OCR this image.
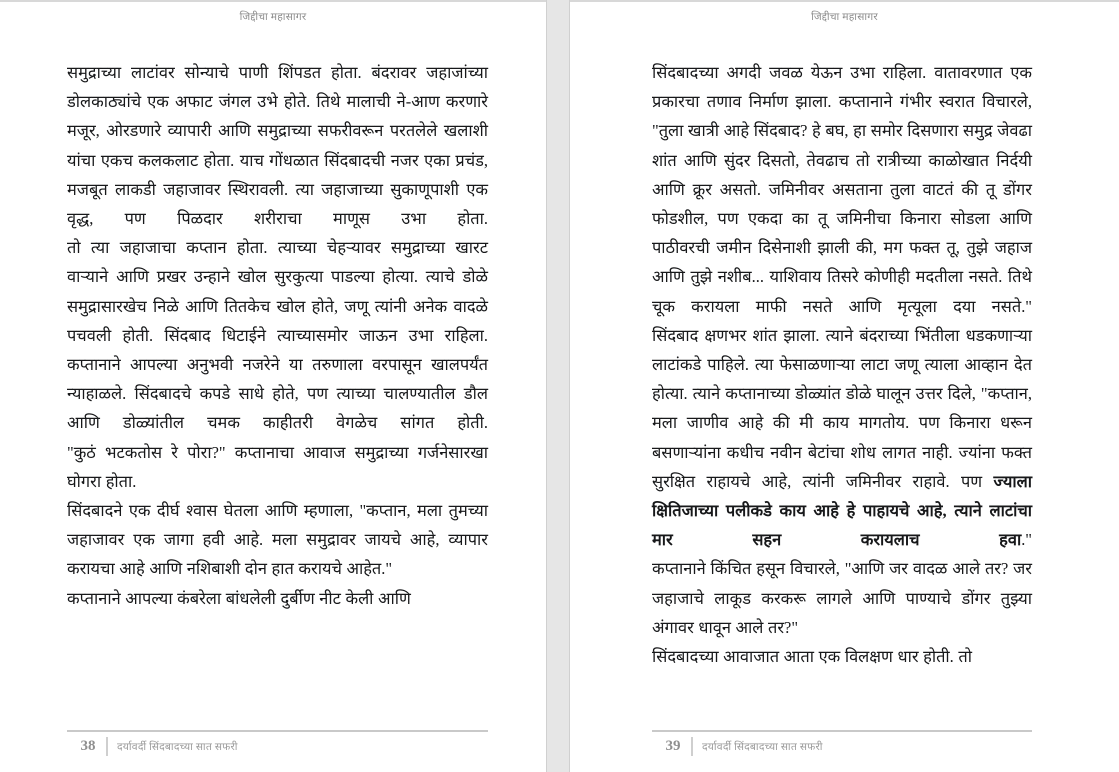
जिद्दीचा महासागर

समुद्राच्या लाटांवर सोन्याचे पाणी शिंपडत होता. बंदरावर जहाजांच्या डोलकाठ्यांचे एक अफाट जंगल उभे होते. तिथे मालाची ने-आण करणारे मजूर, ओरडणारे व्यापारी आणि समुद्राच्या सफरीवरून परतलेले खलाशी यांचा एकच कलकलाट होता. याच गोंधळात सिंदबादची नजर एका प्रचंड, मजबूत लाकडी जहाजावर स्थिरावली. त्या जहाजाच्या सुकाणूपाशी एक वृद्ध, पण पिळदार शरीराचा माणूस उभा होता.

तो त्या जहाजाचा कप्तान होता. त्याच्या चेहऱ्यावर समुद्राच्या खारट वाऱ्याने आणि प्रखर उन्हाने खोल सुरकुत्या पाडल्या होत्या. त्याचे डोळे समुद्रासारखेच निळे आणि तितकेच खोल होते, जणू त्यांनी अनेक वादळे पचवली होती. सिंदबाद धिटाईने त्याच्यासमोर जाऊन उभा राहिला. कप्तानाने आपल्या अनुभवी नजरेने या तरुणाला वरपासून खालपर्यंत न्याहाळले. सिंदबादचे कपडे साधे होते, पण त्याच्या चालण्यातील डौल आणि डोळ्यांतील चमक काहीतरी वेगळेच सांगत होती.

"कुठं भटकतोस रे पोरा?" कप्तानाचा आवाज समुद्राच्या गर्जनेसारखा घोगरा होता.

सिंदबादने एक दीर्घ श्वास घेतला आणि म्हणाला, "कप्तान, मला तुमच्या जहाजावर एक जागा हवी आहे. मला समुद्रावर जायचे आहे, व्यापार करायचा आहे आणि नशिबाशी दोन हात करायचे आहेत."

कप्तानाने आपल्या कंबरेला बांधलेली दुर्बीण नीट केली आणि

38	दर्यावर्दी सिंदबादच्या सात सफरी
जिद्दीचा महासागर

सिंदबादच्या अगदी जवळ येऊन उभा राहिला. वातावरणात एक प्रकारचा तणाव निर्माण झाला. कप्तानाने गंभीर स्वरात विचारले, "तुला खात्री आहे सिंदबाद? हे बघ, हा समोर दिसणारा समुद्र जेवढा शांत आणि सुंदर दिसतो, तेवढाच तो रात्रीच्या काळोखात निर्दयी आणि क्रूर असतो. जमिनीवर असताना तुला वाटतं की तू डोंगर फोडशील, पण एकदा का तू जमिनीचा किनारा सोडला आणि पाठीवरची जमीन दिसेनाशी झाली की, मग फक्त तू, तुझे जहाज आणि तुझे नशीब... याशिवाय तिसरे कोणीही मदतीला नसते. तिथे चूक करायला माफी नसते आणि मृत्यूला दया नसते."

सिंदबाद क्षणभर शांत झाला. त्याने बंदराच्या भिंतीला धडकणाऱ्या लाटांकडे पाहिले. त्या फेसाळणाऱ्या लाटा जणू त्याला आव्हान देत होत्या. त्याने कप्तानाच्या डोळ्यांत डोळे घालून उत्तर दिले, "कप्तान, मला जाणीव आहे की मी काय मागतोय. पण किनारा धरून बसणाऱ्यांना कधीच नवीन बेटांचा शोध लागत नाही. ज्यांना फक्त सुरक्षित राहायचे आहे, त्यांनी जमिनीवर राहावे. पण ज्याला क्षितिजाच्या पलीकडे काय आहे हे पाहायचे आहे, त्याने लाटांचा मार सहन करायलाच हवा."

कप्तानाने किंचित हसून विचारले, "आणि जर वादळ आले तर? जर जहाजाचे लाकूड करकरू लागले आणि पाण्याचे डोंगर तुझ्या अंगावर धावून आले तर?"

सिंदबादच्या आवाजात आता एक विलक्षण धार होती. तो

39	दर्यावर्दी सिंदबादच्या सात सफरी
